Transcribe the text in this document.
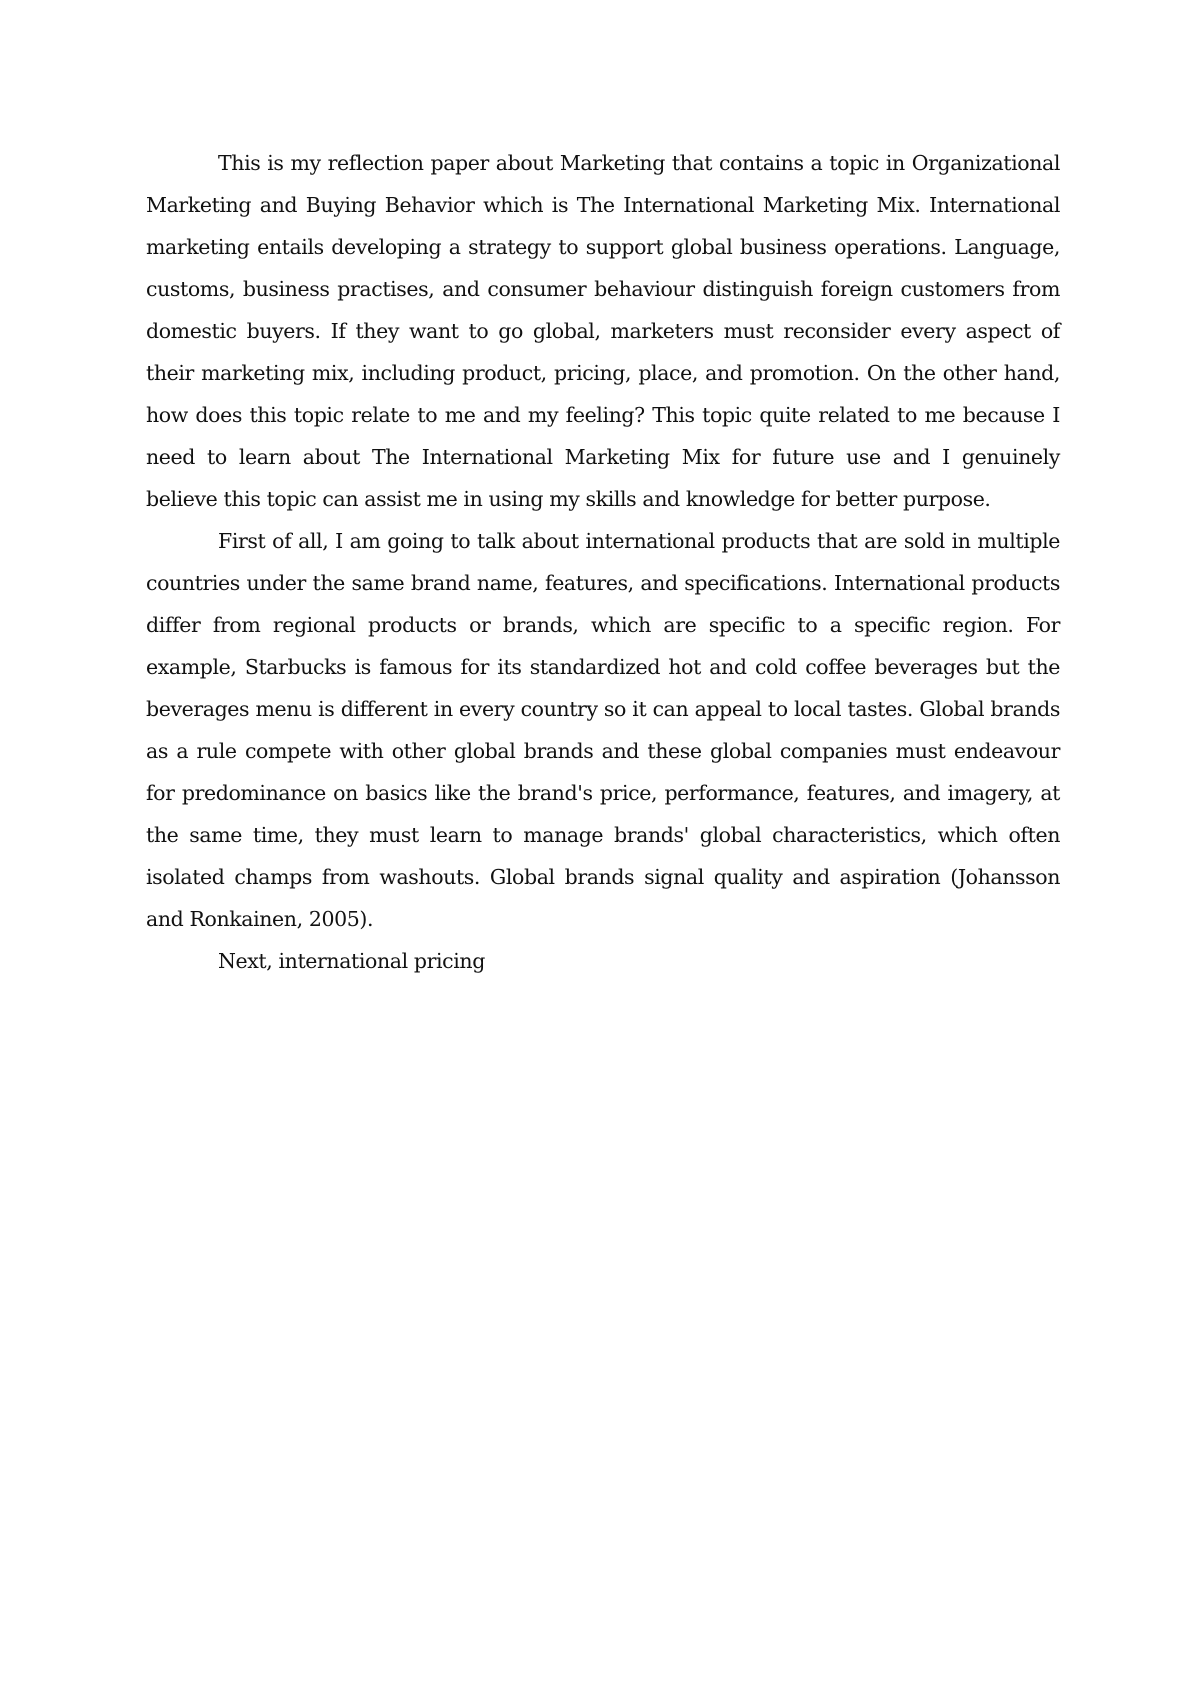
This is my reflection paper about Marketing that contains a topic in Organizational Marketing and Buying Behavior which is The International Marketing Mix. International marketing entails developing a strategy to support global business operations. Language, customs, business practises, and consumer behaviour distinguish foreign customers from domestic buyers. If they want to go global, marketers must reconsider every aspect of their marketing mix, including product, pricing, place, and promotion. On the other hand, how does this topic relate to me and my feeling? This topic quite related to me because I need to learn about The International Marketing Mix for future use and I genuinely believe this topic can assist me in using my skills and knowledge for better purpose.

First of all, I am going to talk about international products that are sold in multiple countries under the same brand name, features, and specifications. International products differ from regional products or brands, which are specific to a specific region. For example, Starbucks is famous for its standardized hot and cold coffee beverages but the beverages menu is different in every country so it can appeal to local tastes. Global brands as a rule compete with other global brands and these global companies must endeavour for predominance on basics like the brand's price, performance, features, and imagery, at the same time, they must learn to manage brands' global characteristics, which often isolated champs from washouts. Global brands signal quality and aspiration (Johansson and Ronkainen, 2005).

Next, international pricing
